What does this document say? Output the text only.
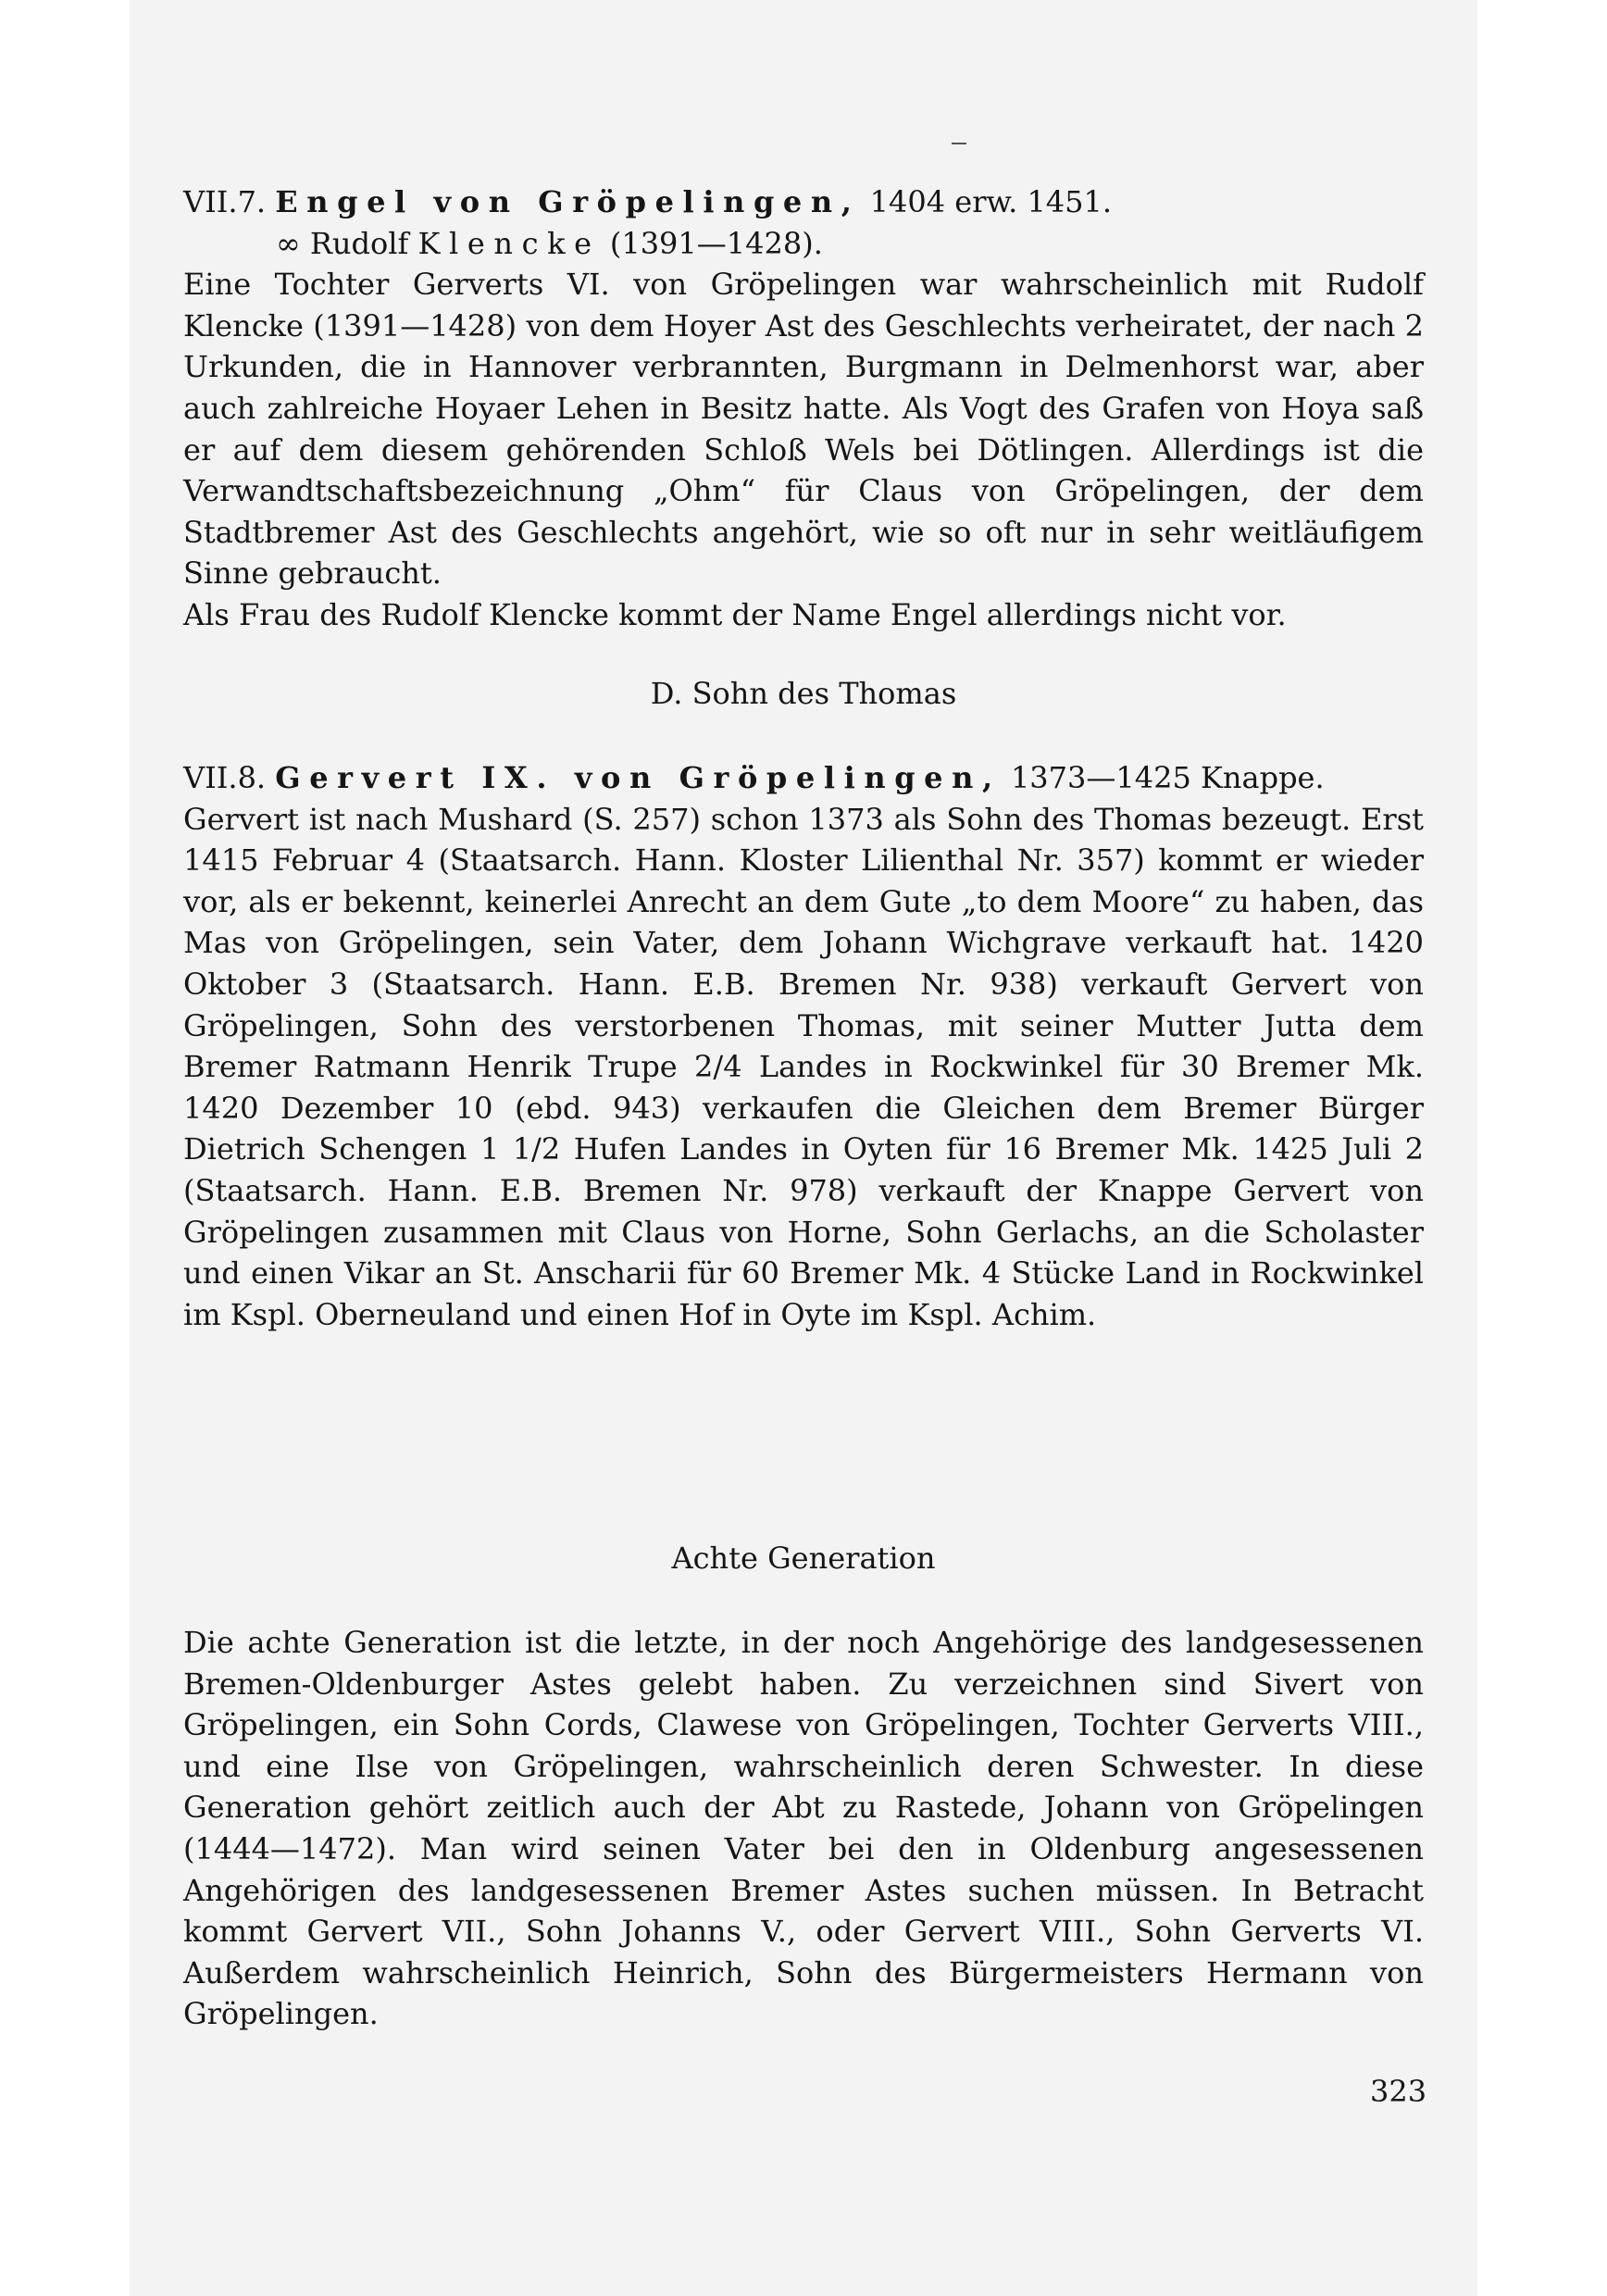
VII.7. Engel von Gröpelingen, 1404 erw. 1451.

∞ Rudolf Klencke (1391—1428).

Eine Tochter Gerverts VI. von Gröpelingen war wahrscheinlich mit Rudolf Klencke (1391—1428) von dem Hoyer Ast des Geschlechts verheiratet, der nach 2 Urkunden, die in Hannover verbrannten, Burgmann in Delmenhorst war, aber auch zahlreiche Hoyaer Lehen in Besitz hatte. Als Vogt des Grafen von Hoya saß er auf dem diesem gehörenden Schloß Wels bei Dötlingen. Allerdings ist die Verwandtschaftsbezeichnung „Ohm“ für Claus von Gröpelingen, der dem Stadtbremer Ast des Geschlechts angehört, wie so oft nur in sehr weitläufigem Sinne gebraucht.

Als Frau des Rudolf Klencke kommt der Name Engel allerdings nicht vor.

D. Sohn des Thomas

VII.8. Gervert IX. von Gröpelingen, 1373—1425 Knappe.

Gervert ist nach Mushard (S. 257) schon 1373 als Sohn des Thomas bezeugt. Erst 1415 Februar 4 (Staatsarch. Hann. Kloster Lilienthal Nr. 357) kommt er wieder vor, als er bekennt, keinerlei Anrecht an dem Gute „to dem Moore“ zu haben, das Mas von Gröpelingen, sein Vater, dem Johann Wichgrave verkauft hat. 1420 Oktober 3 (Staatsarch. Hann. E.B. Bremen Nr. 938) verkauft Gervert von Gröpelingen, Sohn des verstorbenen Thomas, mit seiner Mutter Jutta dem Bremer Ratmann Henrik Trupe 2/4 Landes in Rockwinkel für 30 Bremer Mk. 1420 Dezember 10 (ebd. 943) verkaufen die Gleichen dem Bremer Bürger Dietrich Schengen 1 1/2 Hufen Landes in Oyten für 16 Bremer Mk. 1425 Juli 2 (Staatsarch. Hann. E.B. Bremen Nr. 978) verkauft der Knappe Gervert von Gröpelingen zusammen mit Claus von Horne, Sohn Gerlachs, an die Scholaster und einen Vikar an St. Anscharii für 60 Bremer Mk. 4 Stücke Land in Rockwinkel im Kspl. Oberneuland und einen Hof in Oyte im Kspl. Achim.

Achte Generation

Die achte Generation ist die letzte, in der noch Angehörige des landgesessenen Bremen-Oldenburger Astes gelebt haben. Zu verzeichnen sind Sivert von Gröpelingen, ein Sohn Cords, Clawese von Gröpelingen, Tochter Gerverts VIII., und eine Ilse von Gröpelingen, wahrscheinlich deren Schwester. In diese Generation gehört zeitlich auch der Abt zu Rastede, Johann von Gröpelingen (1444—1472). Man wird seinen Vater bei den in Oldenburg angesessenen Angehörigen des landgesessenen Bremer Astes suchen müssen. In Betracht kommt Gervert VII., Sohn Johanns V., oder Gervert VIII., Sohn Gerverts VI. Außerdem wahrscheinlich Heinrich, Sohn des Bürgermeisters Hermann von Gröpelingen.

323
